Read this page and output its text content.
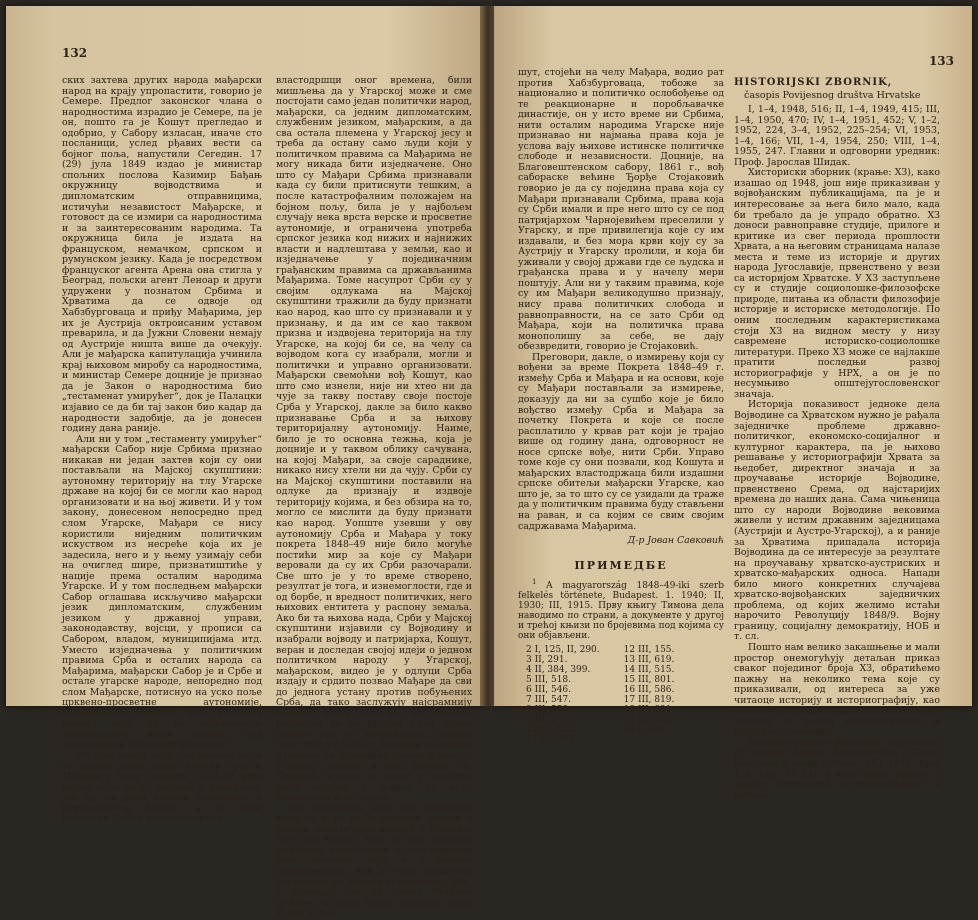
132

ских захтева других народа мађарски народ на крају упропастити, говорио је Семере. Предлог законског члана о народностима израдио је Семере, па је он, пошто га је Кошут прегледао и одобрио, у Сабору изласан, иначе сто посланици, услед рђавих вести са бојног поља, напустили Сегедин. 17 (29) јула 1849 издао је министар спољних послова Казимир Бађањ окружницу војводствима и дипломатским отправницима, истичући независтост Мађарске, и готовост да се измири са народностима и за заинтересованим народима. Та окружница била је издата на француском, немачком, српском и румунском језику. Када је посредством француског агента Арена она стигла у Београд, пољски агент Леноар и други удружени у познатом Србима и Хрватима да се одвоје од Хабзбурговаца и приђу Мађарима, јер их је Аустрија октроисаним уставом преварила, и да Јужни Словени немају од Аустрије ништа више да очекују. Али је мађарска капитулација учинила крај њиховом миробу са народностима, и министар Семере доцније је признао да је Закон о народностима био „тестаменат умирућег“, док је Палацки изјавио се да би тај закон био кадар да народности задобије, да је донесен годину дана раније.

Али ни у том „тестаменту умирућег“ мађарски Сабор није Србима признао никакав ни један захтев који су они постављали на Мајској скупштини: аутономну територију на тлу Угарске државе на којој би се могли као народ организовати и на њој живети. И у том закону, донесеном непосредно пред слом Угарске, Мађари се нису користили ниједним политичким искуством из несреће која их је задесила, него и у њему узимају себи на очиглед шире, признатиштиће у нације према осталим народима Угарске. И у том последњем мађарски Сабор оглашава искључиво мађарски језик дипломатским, службеним језиком у државној управи, законодавству, војсци, у прописи са Сабором, владом, муниципијама итд. Уместо изједначења у политичким правима Срба и осталих народа са Мађарима, мађарски Сабор је и Србе и остале угарске народе, непоредно под слом Мађарске, потиснуо на уско поље црквено-просветне аутономије, обећавајући Србима као изузетну милост што ће на пештанском Универзитету моћи подићи свој православни теолошки факултет!

Из документа које смо навели види се, дакле, јасно зашто између Срба и Мађара у току покрета 1848–49 није могло доћи до споразума и измирења. Јер су, на речи велики слободњак и револуционар Кошут, а са њим мађарски Сабор и сви мађарски

властодршци оног времена, били мишљења да у Угарској може и сме постојати само један политички народ, мађарски, са једним дипломатским, службеним језиком, мађарским, а да сва остала племена у Угарској јесу и треба да остану само људи који у политичком правима са Мађарима не могу никада бити изједначене. Оно што су Мађари Србима признавали када су били притиснути тешким, а после катастрофалним положајем на бојном пољу, била је у најбољем случају нека врста верске и просветне аутономије, и ограничена употреба српског језика код нижих и најнижих власти и надлештава у земљи, као и изједначење у појединачним грађанским правима са држављанима Мађарима. Томе насупрот Срби су у својим одлукама на Мајској скупштини тражили да буду признати као народ, као што су признавали и у признању, и да им се као таквом призна и издвојена територија на тлу Угарске, на којој би се, на челу са војводом кога су изабрали, могли и политички и управно организовати. Мађарски свемоћни вођ Кошут, као што смо изнели, није ни хтео ни да чује за такву поставу своје постоје Срба у Угарској, дакле за било какво признавање Срба и за њихову територијалну аутономију. Наиме, било је то основна тежња, која је доцније и у таквом облику сачувана, на којој Мађари, за своје сараднике, никако нису хтели ни да чују. Срби су на Мајској скупштини поставили на одлуке да признају и издвоје територију којима, и без обзира на то, могло се мислити да буду признати као народ. Уопште узевши у ову аутономију Срба и Мађара у току покрета 1848–49 није било могуће постићи мир за које су Мађари веровали да су их Срби разочарали. Све што је у то време створено, резултат је тога, и изнемоглости, где и од борбе, и вредност политичких, него њихових ентитета у распону земаља. Ако би та њихова нада, Срби у Мајској скупштини изјавили су Војводину и изабрали војводу и патријарха, Кошут, веран и доследан својој идеји о једном политичком народу у Угарској, мађарском, видео је у одлуци Срба издају и срдито позвао Мађаре да сви до једнога устану против побуњених Срба, да тако заслужују најсрамнију смртну казну, па је то сматрао разлогом да се против Срба одмах поведе рат до истребљења, упркос томе што су Срби у мајским одлукама изјевили да Војводину траже у оквиру Угарске државе и под круном св. Стевана, и што су после у читавом низу одлука и изјава то исто понављали и истицали.

Из документа које смо наводили вида се и то да је основни разлог о једном политичком народу у Угарској био сам Кошут, који су сви водиоци мађарски политичари и властодршци оног времена, који и у пракси примењивали. Али је тако расплело, јер одлуке из Мајске скупштине Срба, а упоредо, све до слома Угарске државе на крају Првог светског рата. И док је Ко-

133

шут, стојећи на челу Мађара, водио рат против Хабзбурговаца, тобоже за национално и политичко ослобођење од те реакционарне и поробљавачке династије, он у исто време ни Србима, нити осталим народима Угарске није признавао ни најмања права која је услова вају њихове истинске политичке слободе и независности. Доцније, на Благовештенском сабору, 1861 г., вођ сабораске већине Ђорђе Стојаковић говорио је да су поједина права која су Мађари признавали Србима, права која су Срби имали и пре него што су се под патријархом Чарнојевићем преселили у Угарску, и пре привилегија које су им издавали, и без мора крви коју су за Аустрију и Угарску пролили, и која би уживали у својој држави где се људска и грађанска права и у начелу мери поштују. Али ни у таквим правима, које су им Мађари великодушно признају, нису права политичких слобода и равноправности, на се зато Срби од Мађара, који на политичка права монополишу за себе, не дају обезвредити, говорио је Стојаковић.

Преговори, дакле, о измирењу који су вођени за време Покрета 1848–49 г. између Срба и Мађара и на основи, које су Мађари постављали за измирење, доказују да ни за сушбо које је било вођство између Срба и Мађара за почетку Покрета и које се после расплатило у крвав рат који је трајао више од годину дана, одговорност не носе српске вође, нити Срби. Управо томе које су они позвали, код Кошута и мађарских властодржаца били издашни српске обитељи мађарски Угарске, као што је, за то што су се узидали да траже да у политичким правима буду стављени на раван, и са којим се свим својим садржавама Мађарима.

Д-р Јован Савковић
ПРИМЕДБЕ

$^1$ A magyarország 1848–49-iki szerb felkelés története, Budapest. 1. 1940; II, 1930; III, 1915. Прву књигу Тимона дела наводимо по страни, а документе у другој и трећој књизи по бројевима под којима су они објављени.

2 I, 125, II, 290.
3 II, 291.
4 II, 384, 399.
5 III, 518.
6 III, 546.
7 III, 547.
8 III, 558.
9 III, 550.
10 III, 532.
11 III, 702.
12 III, 155.
13 III, 619.
14 III, 515.
15 III, 801.
16 III, 586.
17 III, 819.
18 III, 821.
19 III, 826.
20 I, 424.
HISTORIJSKI ZBORNIK,
časopis Povijesnog društva Hrvatske

I, 1–4, 1948, 516; II, 1–4, 1949, 415; III, 1–4, 1950, 470; IV, 1–4, 1951, 452; V, 1–2, 1952, 224, 3–4, 1952, 225–254; VI, 1953, 1–4, 166; VII, 1–4, 1954, 250; VIII, 1–4, 1955, 247. Главни и одговорни уредник: Проф. Јарослав Шидак.

Хисториски зборник (крање: ХЗ), како изашао од 1948, још није приказиван у војвођанским публикацијама, па је и интересовање за њега било мало, када би требало да је упрадо обратно. ХЗ доноси равноправне студије, прилоге и критике из свег периода прошлости Хрвата, а на његовим страницама налазе места и теме из историје и других народа Југославије, првенствено у вези са историјом Хрватске. У ХЗ заступљене су и студије социолошке-филозофске природе, питања из области филозофије историје и историске методологије. По оним последњим карактеристикама стоји ХЗ на видном месту у низу савремене историско-социолошке литератури. Преко ХЗ може се најлакше пратити последњи развој историографије у НРХ, а он је по несумњиво општејугословенског значаја.

Историја показивост једноке дела Војводине са Хрватском нужно је рађала заједничке проблеме државно-политичког, економско-социјалног и културног карактера, па је њихово решавање у историографији Хрвата за њедобет, директног значаја и за проучавање историје Војводине, првенствено Срема, од најстаријих времена до наших дана. Сама чињеница што су народи Војводине вековима живели у истим државним заједницама (Аустрији и Аустро-Угарској), а и раније за Хрватима припадала историја Војводина да се интересује за резултате на проучавању хрватско-аустриских и хрватско-мађарских односа. Напади било много конкретних случајева хрватско-војвођанских заједничких проблема, од којих желимо истаћи нарочито Револуцију 1848/9. Војну границу, социјалну демократију, НОБ и т. сл.

Пошто нам велико закашњење и мали простор онемогућују детаљан приказ сваког појединог броја ХЗ, обратићемо пажњу на неколико тема које су приказивали, од интереса за уже читаоце историју и историографију, као и неке од оних које су од општијег значаја за развој историографије и културне традиције.

Историографско-методско карактера је чланак Марка Костренчића „Старе баштине и нови путови“ (ХЗ 1948, број 1–4, стр. 11–24), у ком аутор говори о кризи буржоаске историографије и истиче
